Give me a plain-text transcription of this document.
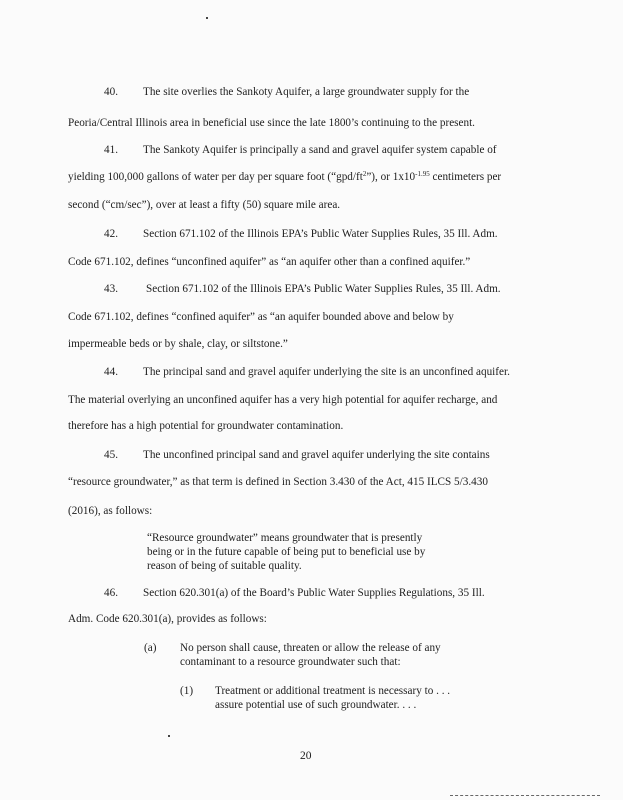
40. The site overlies the Sankoty Aquifer, a large groundwater supply for the
Peoria/Central Illinois area in beneficial use since the late 1800’s continuing to the present.
41. The Sankoty Aquifer is principally a sand and gravel aquifer system capable of
yielding 100,000 gallons of water per day per square foot $(“gpd/ft^2”)$, or $1x10^{-1.95}$ centimeters per
second (“cm/sec”), over at least a fifty (50) square mile area.
42. Section 671.102 of the Illinois EPA’s Public Water Supplies Rules, 35 Ill. Adm.
Code 671.102, defines “unconfined aquifer” as “an aquifer other than a confined aquifer.”
43.	Section 671.102 of the Illinois EPA’s Public Water Supplies Rules, 35 Ill. Adm.
Code 671.102, defines “confined aquifer” as “an aquifer bounded above and below by
impermeable beds or by shale, clay, or siltstone.”
44. The principal sand and gravel aquifer underlying the site is an unconfined aquifer.
The material overlying an unconfined aquifer has a very high potential for aquifer recharge, and
therefore has a high potential for groundwater contamination.
45. The unconfined principal sand and gravel aquifer underlying the site contains
“resource groundwater,” as that term is defined in Section 3.430 of the Act, 415 ILCS 5/3.430
(2016), as follows:
“Resource groundwater” means groundwater that is presently
being or in the future capable of being put to beneficial use by
reason of being of suitable quality.
46. Section 620.301(a) of the Board’s Public Water Supplies Regulations, 35 Ill.
Adm. Code 620.301(a), provides as follows:
(a) No person shall cause, threaten or allow the release of any
contaminant to a resource groundwater such that:
(1) Treatment or additional treatment is necessary to . . .
assure potential use of such groundwater. . . .
20
